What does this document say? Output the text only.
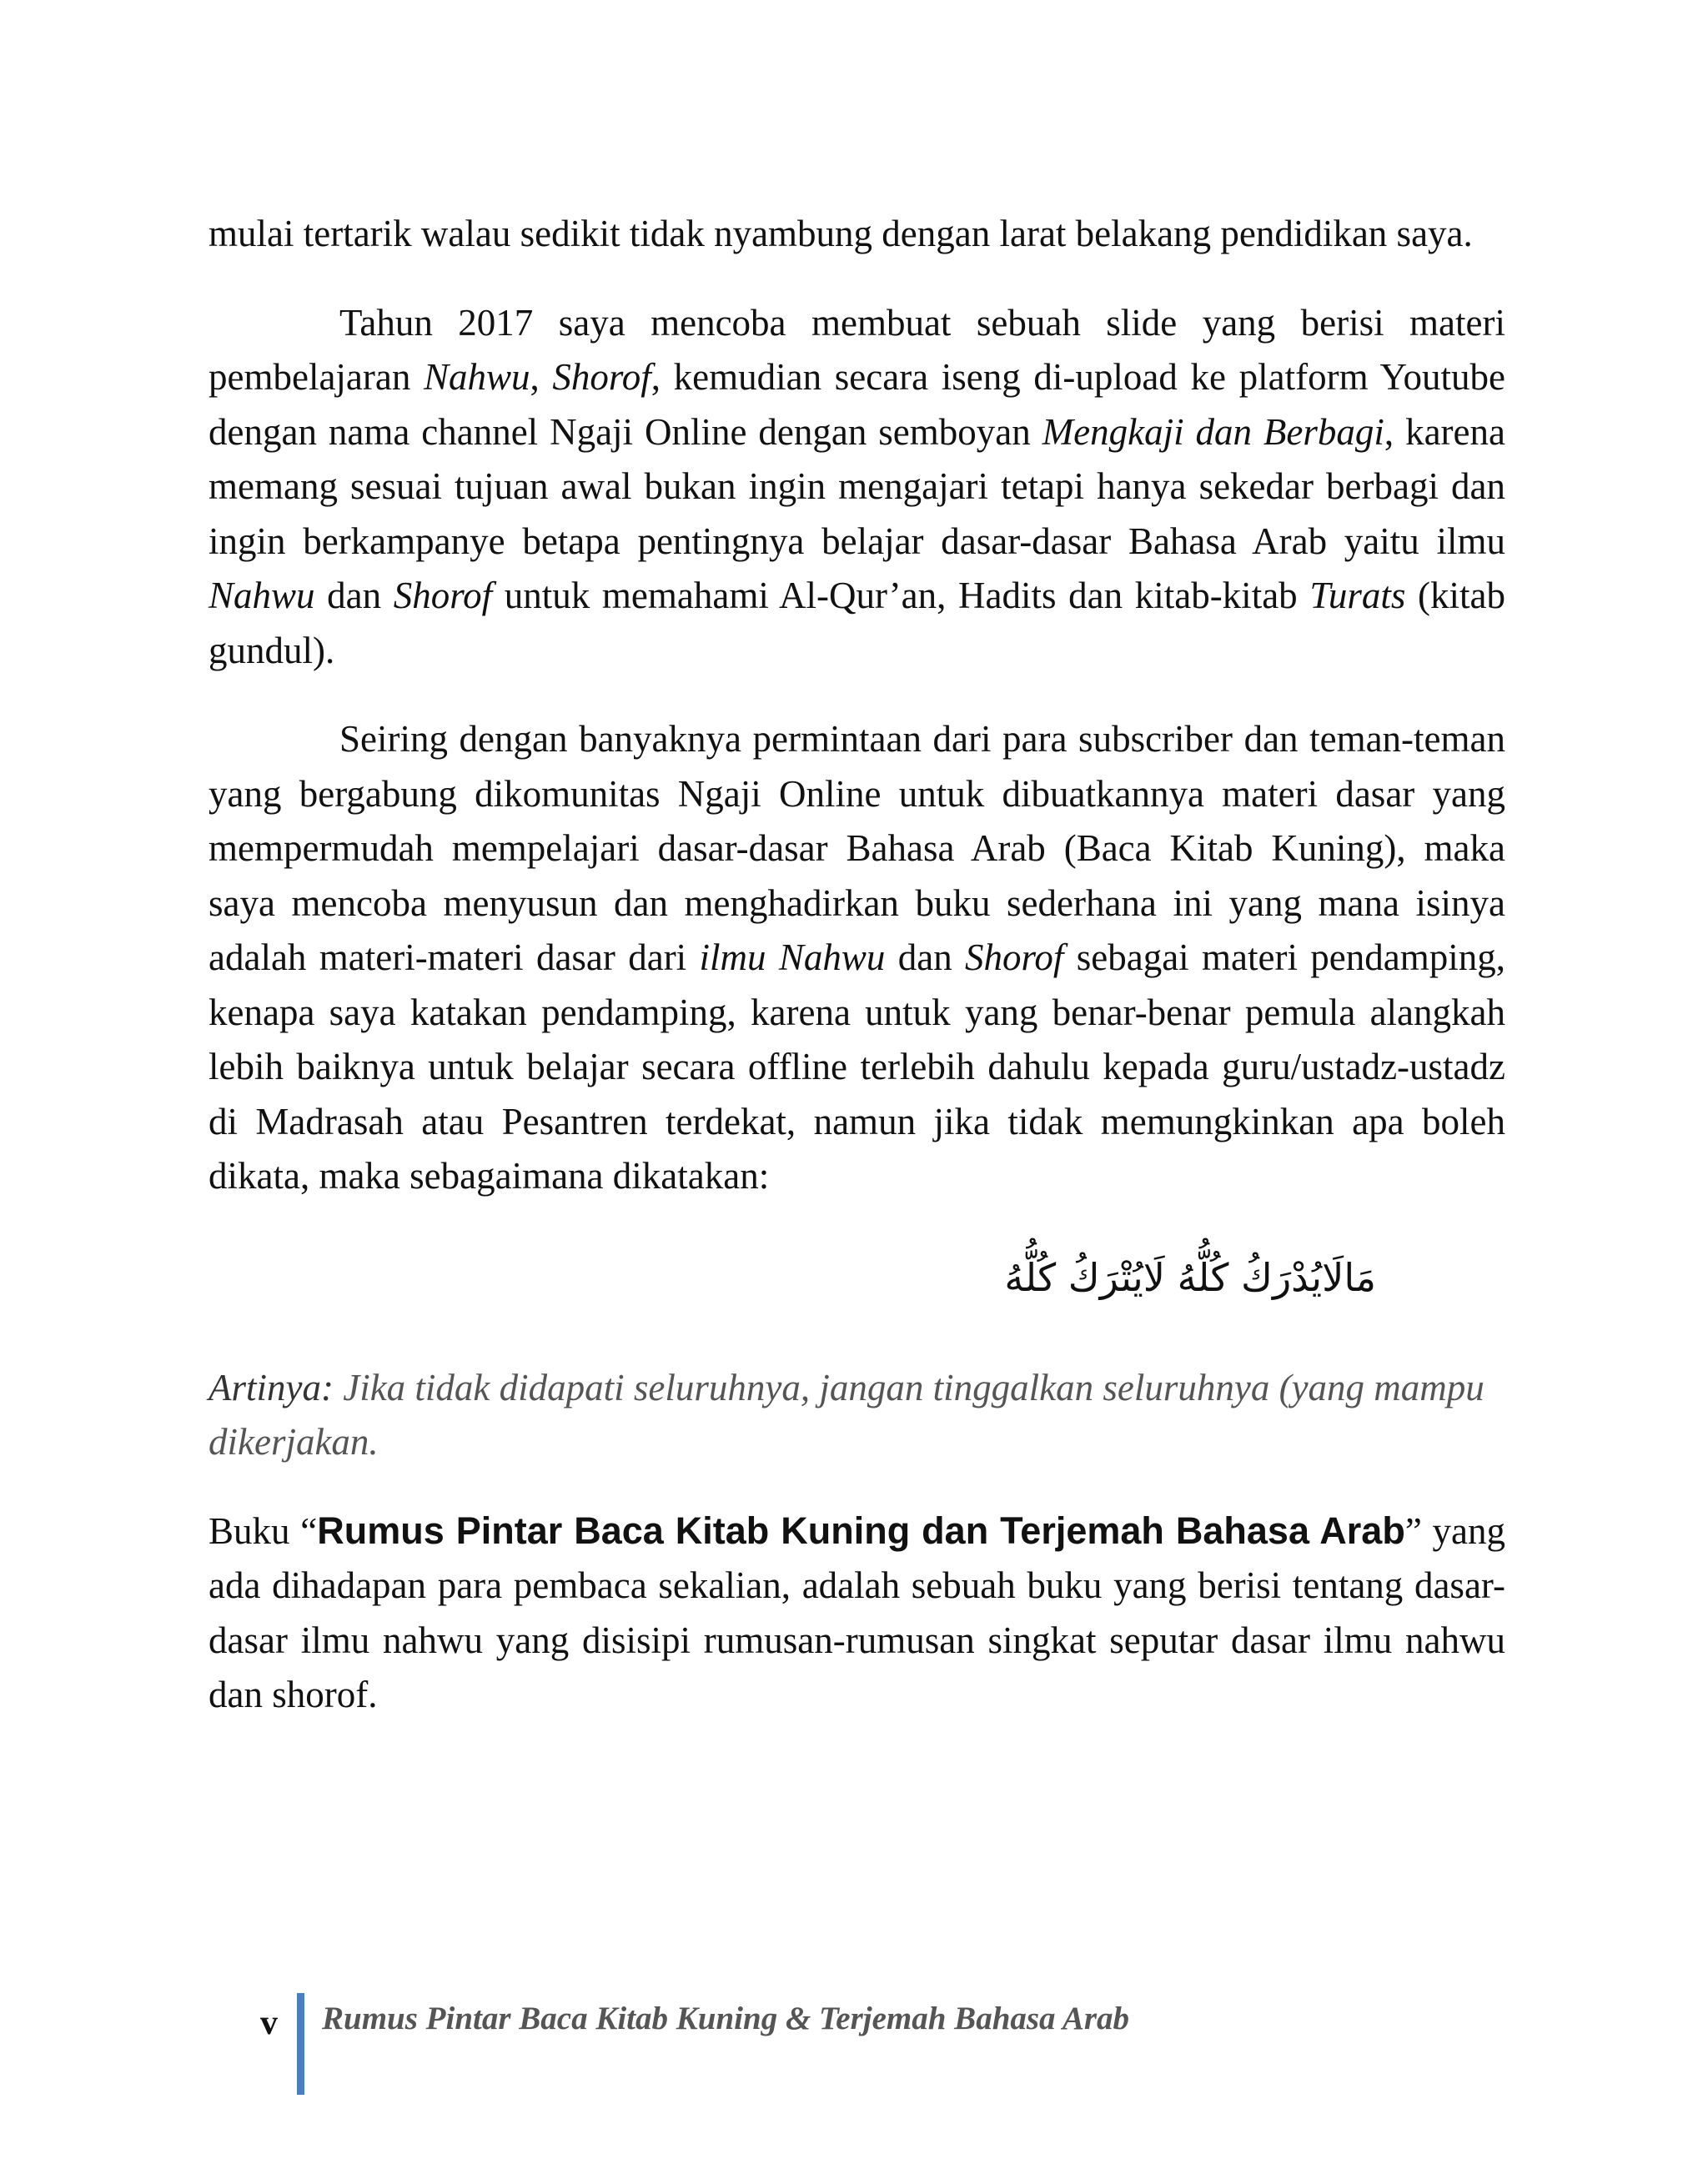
mulai tertarik walau sedikit tidak nyambung dengan larat belakang pendidikan saya.

Tahun 2017 saya mencoba membuat sebuah slide yang berisi materi pembelajaran Nahwu, Shorof, kemudian secara iseng di-upload ke platform Youtube dengan nama channel Ngaji Online dengan semboyan Mengkaji dan Berbagi, karena memang sesuai tujuan awal bukan ingin mengajari tetapi hanya sekedar berbagi dan ingin berkampanye betapa pentingnya belajar dasar-dasar Bahasa Arab yaitu ilmu Nahwu dan Shorof untuk memahami Al-Qur’an, Hadits dan kitab-kitab Turats (kitab gundul).

Seiring dengan banyaknya permintaan dari para subscriber dan teman-teman yang bergabung dikomunitas Ngaji Online untuk dibuatkannya materi dasar yang mempermudah mempelajari dasar-dasar Bahasa Arab (Baca Kitab Kuning), maka saya mencoba menyusun dan menghadirkan buku sederhana ini yang mana isinya adalah materi-materi dasar dari ilmu Nahwu dan Shorof sebagai materi pendamping, kenapa saya katakan pendamping, karena untuk yang benar-benar pemula alangkah lebih baiknya untuk belajar secara offline terlebih dahulu kepada guru/ustadz-ustadz di Madrasah atau Pesantren terdekat, namun jika tidak memungkinkan apa boleh dikata, maka sebagaimana dikatakan:

مَالَايُدْرَكُ كُلُّهُ لَايُتْرَكُ كُلُّهُ

Artinya: Jika tidak didapati seluruhnya, jangan tinggalkan seluruhnya (yang mampu dikerjakan.

Buku “Rumus Pintar Baca Kitab Kuning dan Terjemah Bahasa Arab” yang ada dihadapan para pembaca sekalian, adalah sebuah buku yang berisi tentang dasar-dasar ilmu nahwu yang disisipi rumusan-rumusan singkat seputar dasar ilmu nahwu dan shorof.

v Rumus Pintar Baca Kitab Kuning & Terjemah Bahasa Arab
